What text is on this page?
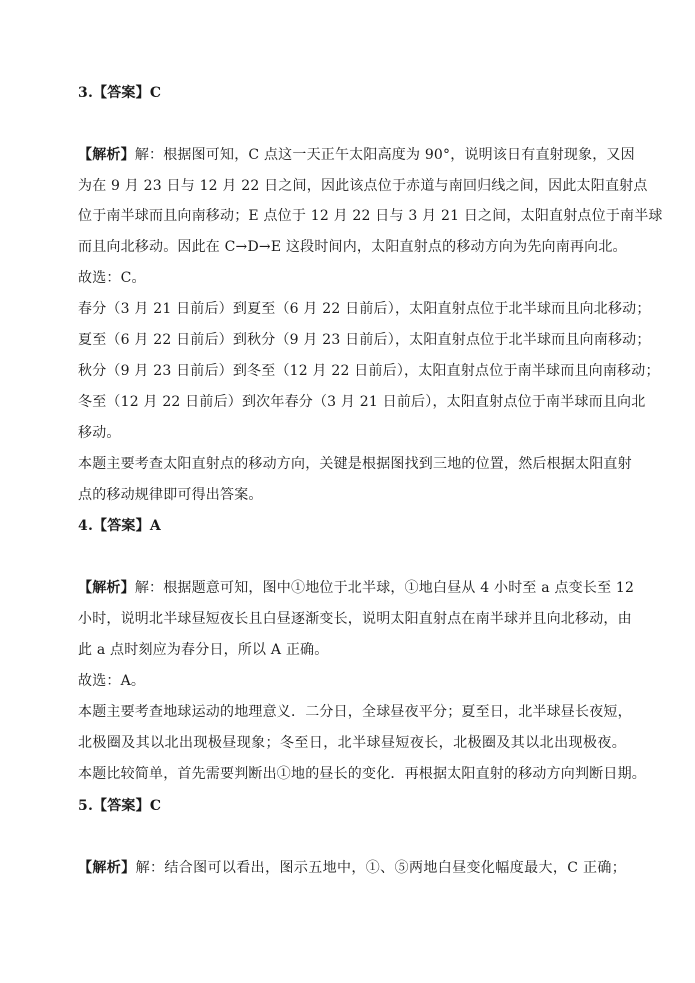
3.【答案】C
【解析】解：根据图可知，C 点这一天正午太阳高度为 90°，说明该日有直射现象，又因
为在 9 月 23 日与 12 月 22 日之间，因此该点位于赤道与南回归线之间，因此太阳直射点
位于南半球而且向南移动；E 点位于 12 月 22 日与 3 月 21 日之间，太阳直射点位于南半球
而且向北移动。因此在 C→D→E 这段时间内，太阳直射点的移动方向为先向南再向北。
故选：C。
春分（3 月 21 日前后）到夏至（6 月 22 日前后），太阳直射点位于北半球而且向北移动；
夏至（6 月 22 日前后）到秋分（9 月 23 日前后），太阳直射点位于北半球而且向南移动；
秋分（9 月 23 日前后）到冬至（12 月 22 日前后），太阳直射点位于南半球而且向南移动；
冬至（12 月 22 日前后）到次年春分（3 月 21 日前后），太阳直射点位于南半球而且向北
移动。
本题主要考查太阳直射点的移动方向，关键是根据图找到三地的位置，然后根据太阳直射
点的移动规律即可得出答案。
4.【答案】A
【解析】解：根据题意可知，图中①地位于北半球，①地白昼从 4 小时至 a 点变长至 12
小时，说明北半球昼短夜长且白昼逐渐变长，说明太阳直射点在南半球并且向北移动，由
此 a 点时刻应为春分日，所以 A 正确。
故选：A。
本题主要考查地球运动的地理意义．二分日，全球昼夜平分；夏至日，北半球昼长夜短，
北极圈及其以北出现极昼现象；冬至日，北半球昼短夜长，北极圈及其以北出现极夜。
本题比较简单，首先需要判断出①地的昼长的变化．再根据太阳直射的移动方向判断日期。
5.【答案】C
【解析】解：结合图可以看出，图示五地中，①、⑤两地白昼变化幅度最大，C 正确；
